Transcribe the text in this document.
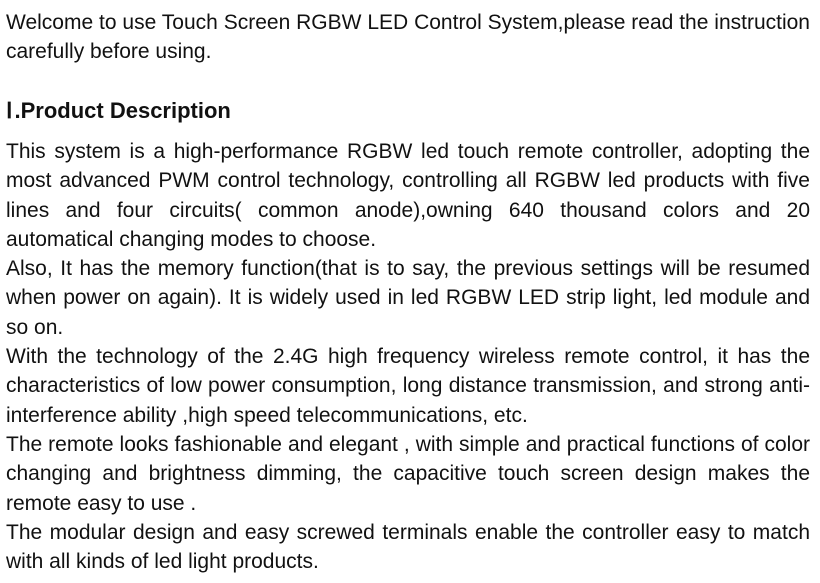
Welcome to use Touch Screen RGBW LED Control System,please read the instruction carefully before using.

Ⅰ.Product Description

This system is a high-performance RGBW led touch remote controller, adopting the most advanced PWM control technology, controlling all RGBW led products with five lines and four circuits( common anode),owning 640 thousand colors and 20 automatical changing modes to choose.

Also, It has the memory function(that is to say, the previous settings will be resumed when power on again). It is widely used in led RGBW LED strip light, led module and so on.

With the technology of the 2.4G high frequency wireless remote control, it has the characteristics of low power consumption, long distance transmission, and strong anti-interference ability ,high speed telecommunications, etc.

The remote looks fashionable and elegant , with simple and practical functions of color changing and brightness dimming, the capacitive touch screen design makes the remote easy to use .

The modular design and easy screwed terminals enable the controller easy to match with all kinds of led light products.
